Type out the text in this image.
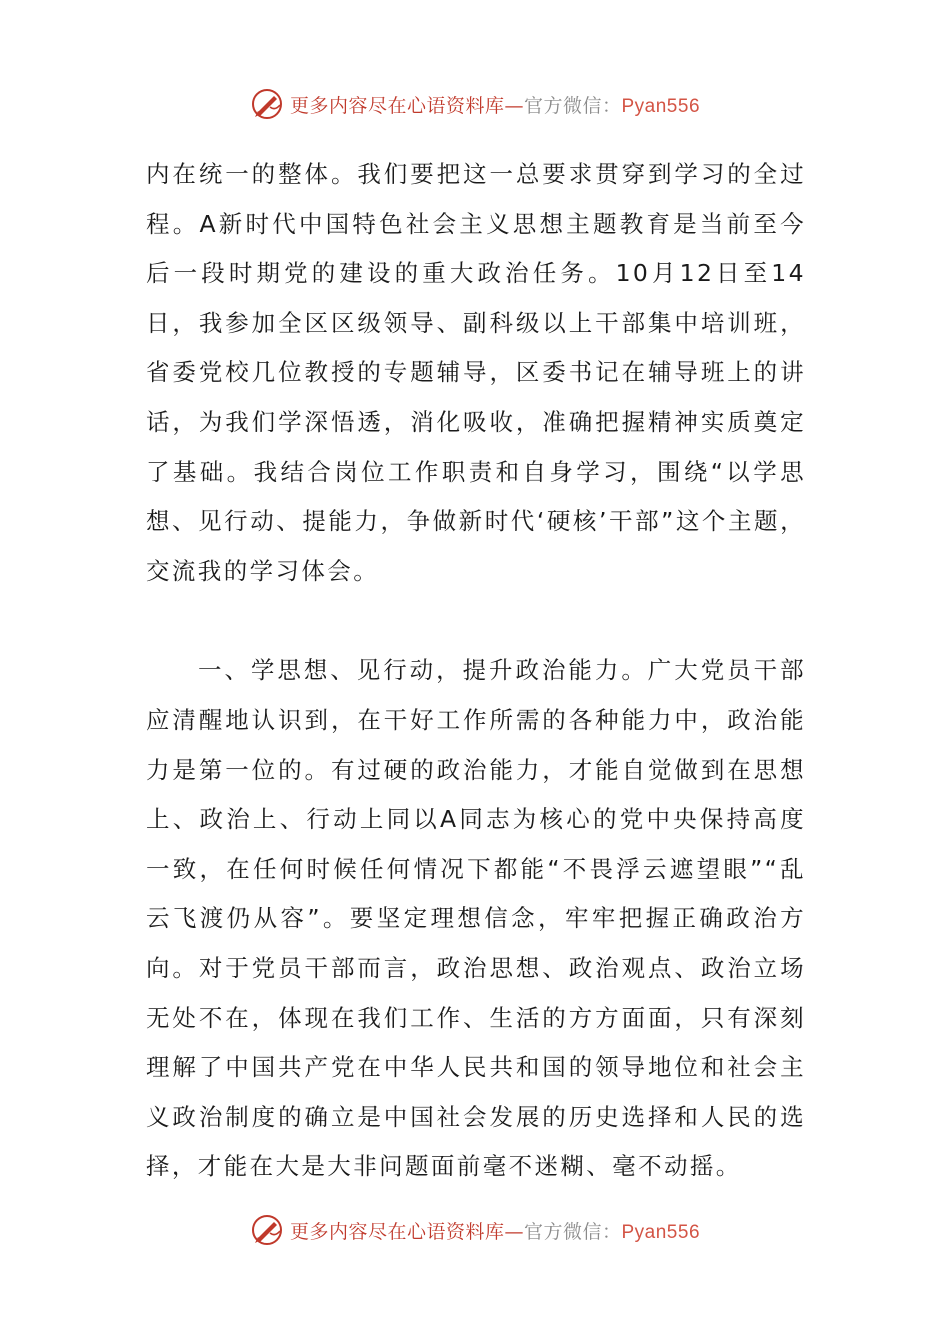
更多内容尽在心语资料库—官方微信：Pyan556

内在统一的整体。我们要把这一总要求贯穿到学习的全过程。A新时代中国特色社会主义思想主题教育是当前至今后一段时期党的建设的重大政治任务。10月12日至14日，我参加全区区级领导、副科级以上干部集中培训班，省委党校几位教授的专题辅导，区委书记在辅导班上的讲话，为我们学深悟透，消化吸收，准确把握精神实质奠定了基础。我结合岗位工作职责和自身学习，围绕“以学思想、见行动、提能力，争做新时代‘硬核’干部”这个主题，交流我的学习体会。

一、学思想、见行动，提升政治能力。广大党员干部应清醒地认识到，在干好工作所需的各种能力中，政治能力是第一位的。有过硬的政治能力，才能自觉做到在思想上、政治上、行动上同以A同志为核心的党中央保持高度一致，在任何时候任何情况下都能“不畏浮云遮望眼”“乱云飞渡仍从容”。要坚定理想信念，牢牢把握正确政治方向。对于党员干部而言，政治思想、政治观点、政治立场无处不在，体现在我们工作、生活的方方面面，只有深刻理解了中国共产党在中华人民共和国的领导地位和社会主义政治制度的确立是中国社会发展的历史选择和人民的选择，才能在大是大非问题面前毫不迷糊、毫不动摇。

更多内容尽在心语资料库—官方微信：Pyan556
